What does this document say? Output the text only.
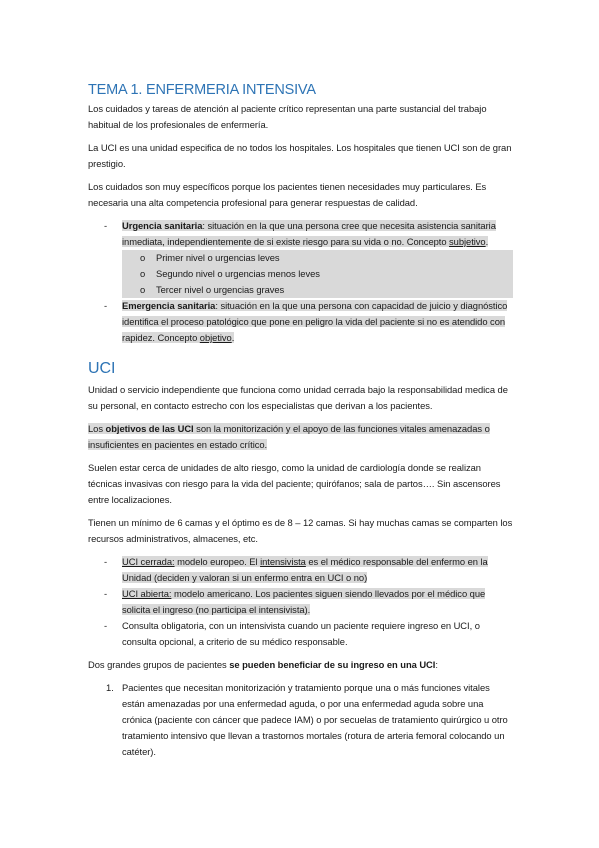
TEMA 1. ENFERMERIA INTENSIVA

Los cuidados y tareas de atención al paciente crítico representan una parte sustancial del trabajo habitual de los profesionales de enfermería.

La UCI es una unidad especifica de no todos los hospitales. Los hospitales que tienen UCI son de gran prestigio.

Los cuidados son muy específicos porque los pacientes tienen necesidades muy particulares. Es necesaria una alta competencia profesional para generar respuestas de calidad.

- Urgencia sanitaria: situación en la que una persona cree que necesita asistencia sanitaria inmediata, independientemente de si existe riesgo para su vida o no. Concepto subjetivo.
o Primer nivel o urgencias leves
o Segundo nivel o urgencias menos leves
o Tercer nivel o urgencias graves
- Emergencia sanitaria: situación en la que una persona con capacidad de juicio y diagnóstico identifica el proceso patológico que pone en peligro la vida del paciente si no es atendido con rapidez. Concepto objetivo.
UCI

Unidad o servicio independiente que funciona como unidad cerrada bajo la responsabilidad medica de su personal, en contacto estrecho con los especialistas que derivan a los pacientes.

Los objetivos de las UCI son la monitorización y el apoyo de las funciones vitales amenazadas o insuficientes en pacientes en estado crítico.

Suelen estar cerca de unidades de alto riesgo, como la unidad de cardiología donde se realizan técnicas invasivas con riesgo para la vida del paciente; quirófanos; sala de partos…. Sin ascensores entre localizaciones.

Tienen un mínimo de 6 camas y el óptimo es de 8 – 12 camas. Si hay muchas camas se comparten los recursos administrativos, almacenes, etc.

- UCI cerrada: modelo europeo. El intensivista es el médico responsable del enfermo en la Unidad (deciden y valoran si un enfermo entra en UCI o no)
- UCI abierta: modelo americano. Los pacientes siguen siendo llevados por el médico que solicita el ingreso (no participa el intensivista).
- Consulta obligatoria, con un intensivista cuando un paciente requiere ingreso en UCI, o consulta opcional, a criterio de su médico responsable.

Dos grandes grupos de pacientes se pueden beneficiar de su ingreso en una UCI:

1. Pacientes que necesitan monitorización y tratamiento porque una o más funciones vitales están amenazadas por una enfermedad aguda, o por una enfermedad aguda sobre una crónica (paciente con cáncer que padece IAM) o por secuelas de tratamiento quirúrgico u otro tratamiento intensivo que llevan a trastornos mortales (rotura de arteria femoral colocando un catéter).
